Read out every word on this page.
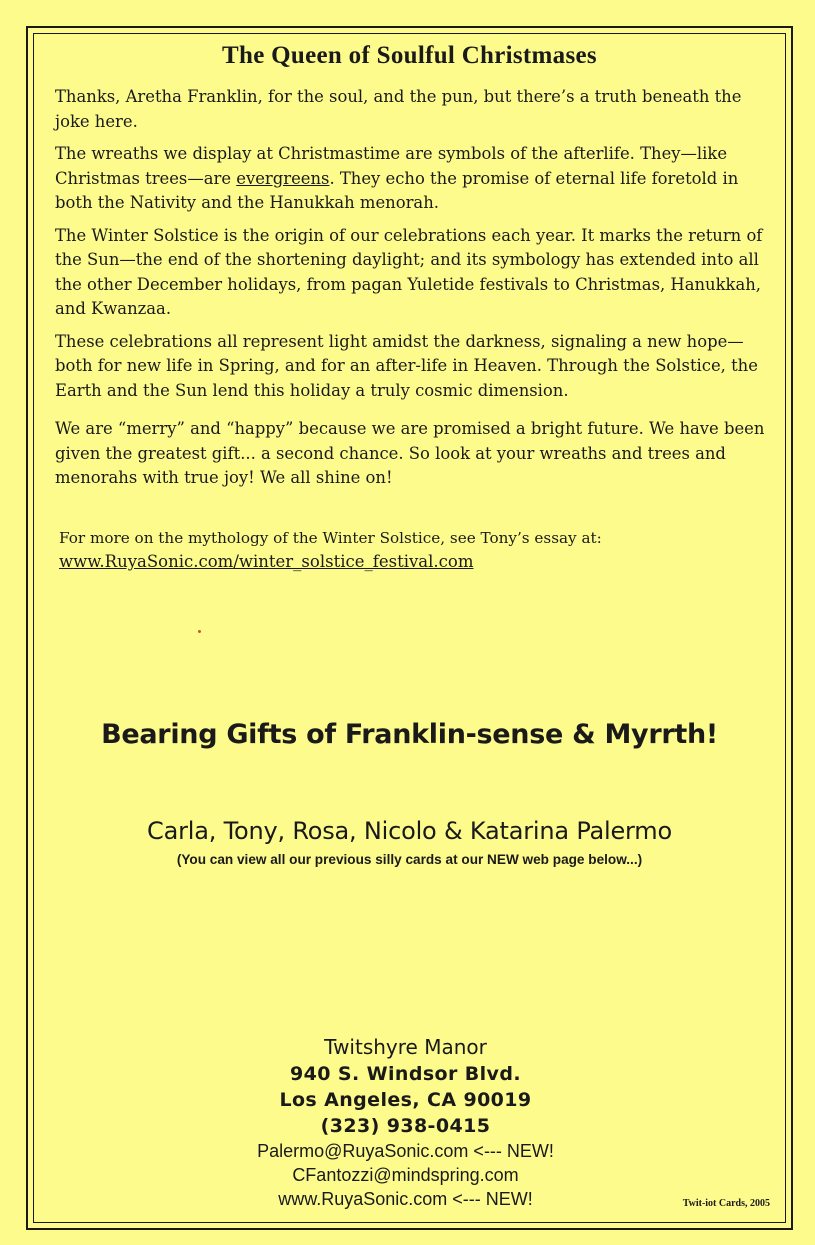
The Queen of Soulful Christmases

Thanks, Aretha Franklin, for the soul, and the pun, but there’s a truth beneath the joke here.

The wreaths we display at Christmastime are symbols of the afterlife. They—like Christmas trees—are evergreens. They echo the promise of eternal life foretold in both the Nativity and the Hanukkah menorah.

The Winter Solstice is the origin of our celebrations each year. It marks the return of the Sun—the end of the shortening daylight; and its symbology has extended into all the other December holidays, from pagan Yuletide festivals to Christmas, Hanukkah, and Kwanzaa.

These celebrations all represent light amidst the darkness, signaling a new hope—both for new life in Spring, and for an after-life in Heaven. Through the Solstice, the Earth and the Sun lend this holiday a truly cosmic dimension.

We are “merry” and “happy” because we are promised a bright future. We have been given the greatest gift... a second chance. So look at your wreaths and trees and menorahs with true joy! We all shine on!

For more on the mythology of the Winter Solstice, see Tony’s essay at:
www.RuyaSonic.com/winter_solstice_festival.com
Bearing Gifts of Franklin-sense & Myrrth!
Carla, Tony, Rosa, Nicolo & Katarina Palermo
(You can view all our previous silly cards at our NEW web page below...)
Twitshyre Manor
940 S. Windsor Blvd.
Los Angeles, CA 90019
(323) 938-0415
Palermo@RuyaSonic.com <--- NEW!
CFantozzi@mindspring.com
www.RuyaSonic.com <--- NEW!	Twit-iot Cards, 2005
